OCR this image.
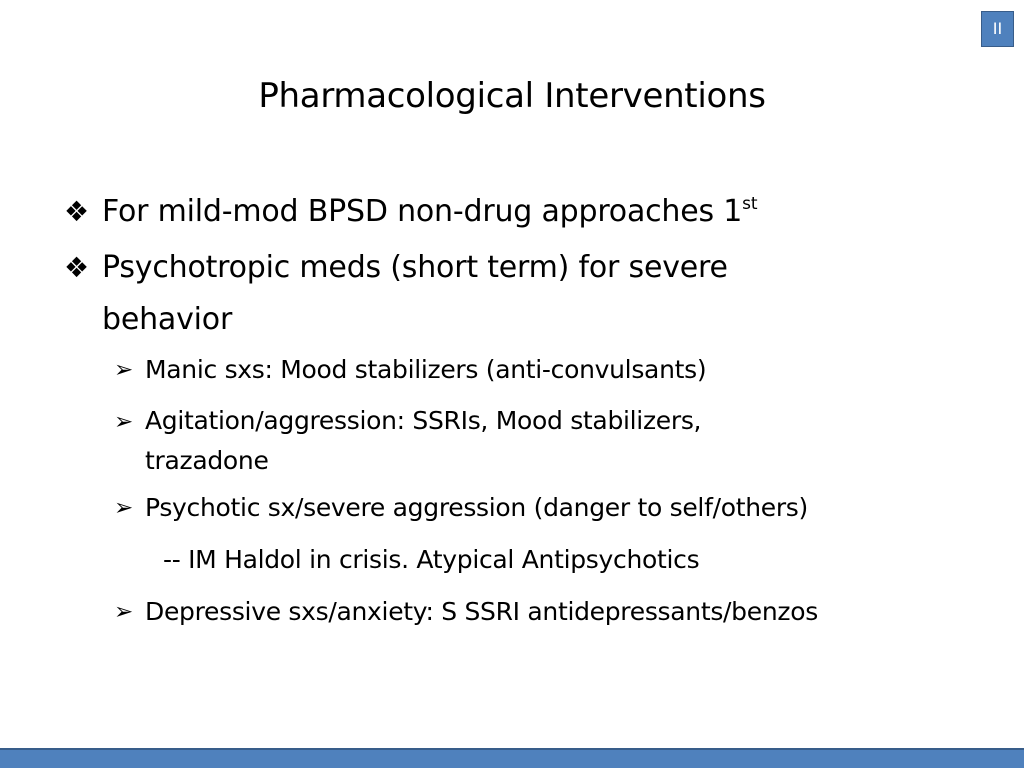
II
Pharmacological Interventions
❖ For mild-mod BPSD non-drug approaches 1st
❖ Psychotropic meds (short term) for severe
behavior
➢ Manic sxs: Mood stabilizers (anti-convulsants)
➢ Agitation/aggression: SSRIs, Mood stabilizers,
trazadone
➢ Psychotic sx/severe aggression (danger to self/others)
-- IM Haldol in crisis. Atypical Antipsychotics
➢ Depressive sxs/anxiety: S SSRI antidepressants/benzos
